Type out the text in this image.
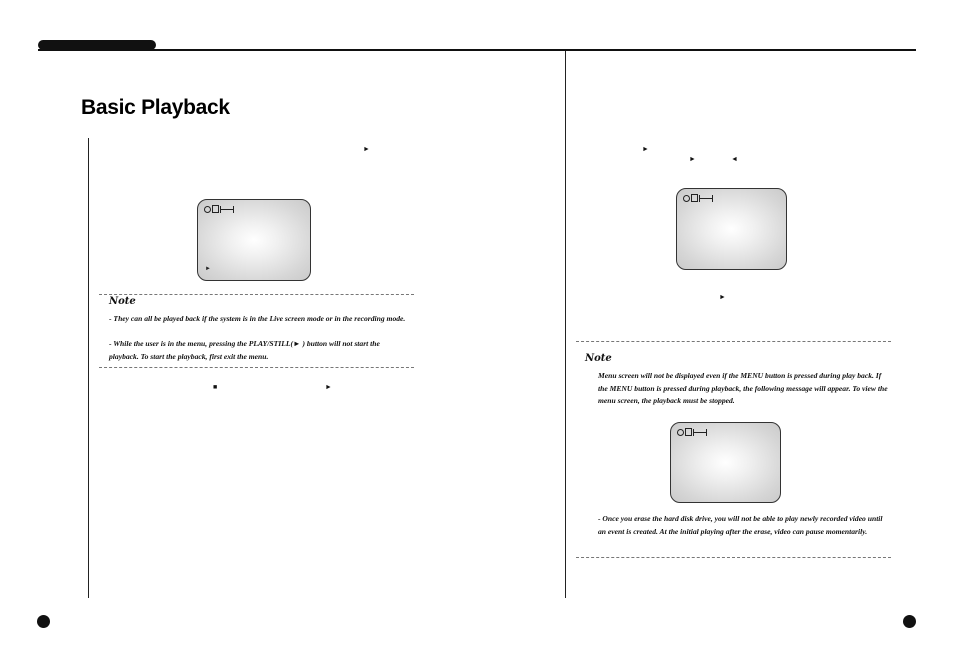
Basic Playback
►
►
Note
- They can all be played back if the system is in the Live screen mode or in the recording mode.
- While the user is in the menu, pressing the PLAY/STILL(► ) button will not start the playback. To start the playback, first exit the menu.
■	►
►
►	◄
►
Note
Menu screen will not be displayed even if the MENU button is pressed during play back. If the MENU button is pressed during playback, the following message will appear. To view the menu screen, the playback must be stopped.
- Once you erase the hard disk drive, you will not be able to play newly recorded video until an event is created. At the initial playing after the erase, video can pause momentarily.
